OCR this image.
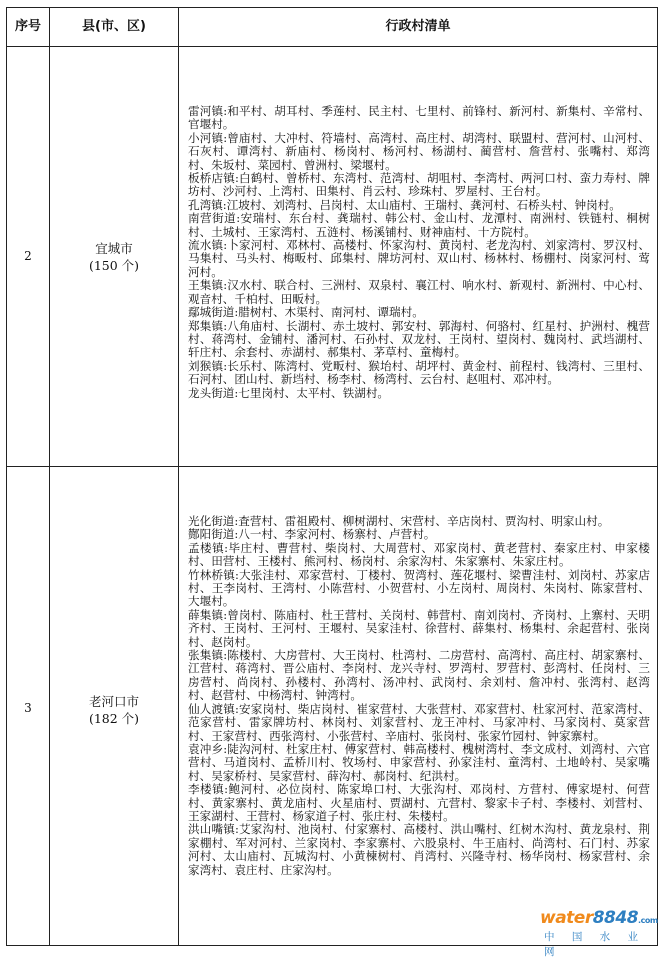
序号	县(市、区)	行政村清单
2	宜城市
(150 个)

雷河镇:和平村、胡耳村、季莲村、民主村、七里村、前锋村、新河村、新集村、辛常村、官堰村。

小河镇:曾庙村、大冲村、符墙村、高湾村、高庄村、胡湾村、联盟村、营河村、山河村、石灰村、谭湾村、新庙村、杨岗村、杨河村、杨湖村、蔺营村、詹营村、张嘴村、郑湾村、朱坂村、菜园村、曾洲村、梁堰村。

板桥店镇:白鹤村、曾桥村、东湾村、范湾村、胡咀村、李湾村、两河口村、蛮力寿村、牌坊村、沙河村、上湾村、田集村、肖云村、珍珠村、罗屋村、王台村。

孔湾镇:江坡村、刘湾村、吕岗村、太山庙村、王瑞村、龚河村、石桥头村、钟岗村。

南营街道:安瑞村、东台村、龚瑞村、韩公村、金山村、龙潭村、南洲村、铁链村、桐树村、土城村、王家湾村、五涟村、杨溪铺村、财神庙村、十方院村。

流水镇:卜家河村、邓林村、高楼村、怀家沟村、黄岗村、老龙沟村、刘家湾村、罗汉村、马集村、马头村、梅畈村、邱集村、牌坊河村、双山村、杨林村、杨棚村、岗家河村、莺河村。

王集镇:汉水村、联合村、三洲村、双泉村、襄江村、响水村、新观村、新洲村、中心村、观音村、千柏村、田畈村。

鄢城街道:腊树村、木渠村、南河村、谭瑞村。

郑集镇:八角庙村、长湖村、赤土坡村、郭安村、郭海村、何骆村、红星村、护洲村、槐营村、蒋湾村、金铺村、潘河村、石孙村、双龙村、王岗村、望岗村、魏岗村、武垱湖村、轩庄村、余套村、赤湖村、郝集村、茅草村、童梅村。

刘猴镇:长乐村、陈湾村、党畈村、猴坮村、胡坪村、黄金村、前程村、钱湾村、三里村、石河村、团山村、新垱村、杨李村、杨湾村、云台村、赵咀村、邓冲村。

龙头街道:七里岗村、太平村、铁湖村。

3	老河口市
(182 个)

光化街道:査营村、雷祖殿村、柳树湖村、宋营村、辛店岗村、贾沟村、明家山村。

酂阳街道:八一村、李家河村、杨寨村、卢营村。

孟楼镇:毕庄村、曹营村、柴岗村、大周营村、邓家岗村、黄老营村、秦家庄村、申家楼村、田营村、王楼村、熊河村、杨岗村、余家沟村、朱家寨村、朱家庄村。

竹林桥镇:大张洼村、邓家营村、丁楼村、贺湾村、莲花堰村、梁曹洼村、刘岗村、苏家店村、王李岗村、王湾村、小陈营村、小贺营村、小左岗村、周岗村、朱岗村、陈家营村、大堰村。

薛集镇:曾岗村、陈庙村、杜王营村、关岗村、韩营村、南刘岗村、齐岗村、上寨村、天明齐村、王岗村、王河村、王堰村、吴家洼村、徐营村、薛集村、杨集村、余起营村、张岗村、赵岗村。

张集镇:陈楼村、大房营村、大王岗村、杜湾村、二房营村、高湾村、高庄村、胡家寨村、江营村、蒋湾村、晋公庙村、李岗村、龙兴寺村、罗湾村、罗营村、彭湾村、任岗村、三房营村、尚岗村、孙楼村、孙湾村、汤冲村、武岗村、余刘村、詹冲村、张湾村、赵湾村、赵营村、中杨湾村、钟湾村。

仙人渡镇:安家岗村、柴店岗村、崔家营村、大张营村、邓家营村、杜家河村、范家湾村、范家营村、雷家牌坊村、林岗村、刘家营村、龙王冲村、马家冲村、马家岗村、莫家营村、王家营村、西张湾村、小张营村、辛庙村、张岗村、张家竹园村、钟家寨村。

袁冲乡:陡沟河村、杜家庄村、傅家营村、韩高楼村、槐树湾村、李文成村、刘湾村、六官营村、马道岗村、孟桥川村、牧场村、申家营村、孙家洼村、童湾村、土地岭村、吴家嘴村、吴家桥村、吴家营村、薛沟村、郝岗村、纪洪村。

李楼镇:鲍河村、必位岗村、陈家埠口村、大张沟村、邓岗村、方营村、傅家堤村、何营村、黄家寨村、黄龙庙村、火星庙村、贾湖村、亢营村、黎家卡子村、李楼村、刘营村、王家湖村、王营村、杨家道子村、张庄村、朱楼村。

洪山嘴镇:艾家沟村、池岗村、付家寨村、高楼村、洪山嘴村、红树木沟村、黄龙泉村、荆家棚村、军对河村、兰家岗村、李家寨村、六股泉村、牛王庙村、尚湾村、石门村、苏家河村、太山庙村、瓦城沟村、小黄楝树村、肖湾村、兴隆寺村、杨华岗村、杨家营村、余家湾村、袁庄村、庄家沟村。

water8848.com
中 国 水 业 网
